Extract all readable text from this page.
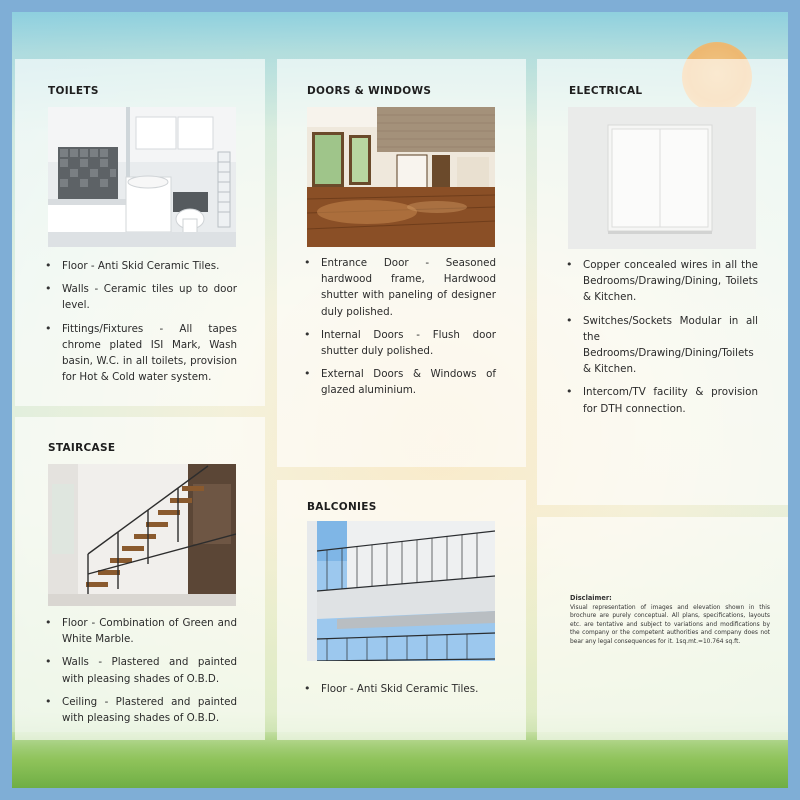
TOILETS
• Floor - Anti Skid Ceramic Tiles.
• Walls - Ceramic tiles up to door level.
• Fittings/Fixtures - All tapes chrome plated ISI Mark, Wash basin, W.C. in all toilets, provision for Hot & Cold water system.
DOORS & WINDOWS
• Entrance Door - Seasoned hardwood frame, Hardwood shutter with paneling of designer duly polished.
• Internal Doors - Flush door shutter duly polished.
• External Doors & Windows of glazed aluminium.
ELECTRICAL
• Copper concealed wires in all the Bedrooms/Drawing/Dining, Toilets & Kitchen.
• Switches/Sockets Modular in all the Bedrooms/Drawing/Dining/Toilets & Kitchen.
• Intercom/TV facility & provision for DTH connection.
STAIRCASE
• Floor - Combination of Green and White Marble.
• Walls - Plastered and painted with pleasing shades of O.B.D.
• Ceiling - Plastered and painted with pleasing shades of O.B.D.
BALCONIES
• Floor - Anti Skid Ceramic Tiles.
Disclaimer:
Visual representation of images and elevation shown in this brochure are purely conceptual. All plans, specifications, layouts etc. are tentative and subject to variations and modifications by the company or the competent authorities and company does not bear any legal consequences for it. 1sq.mt.=10.764 sq.ft.
